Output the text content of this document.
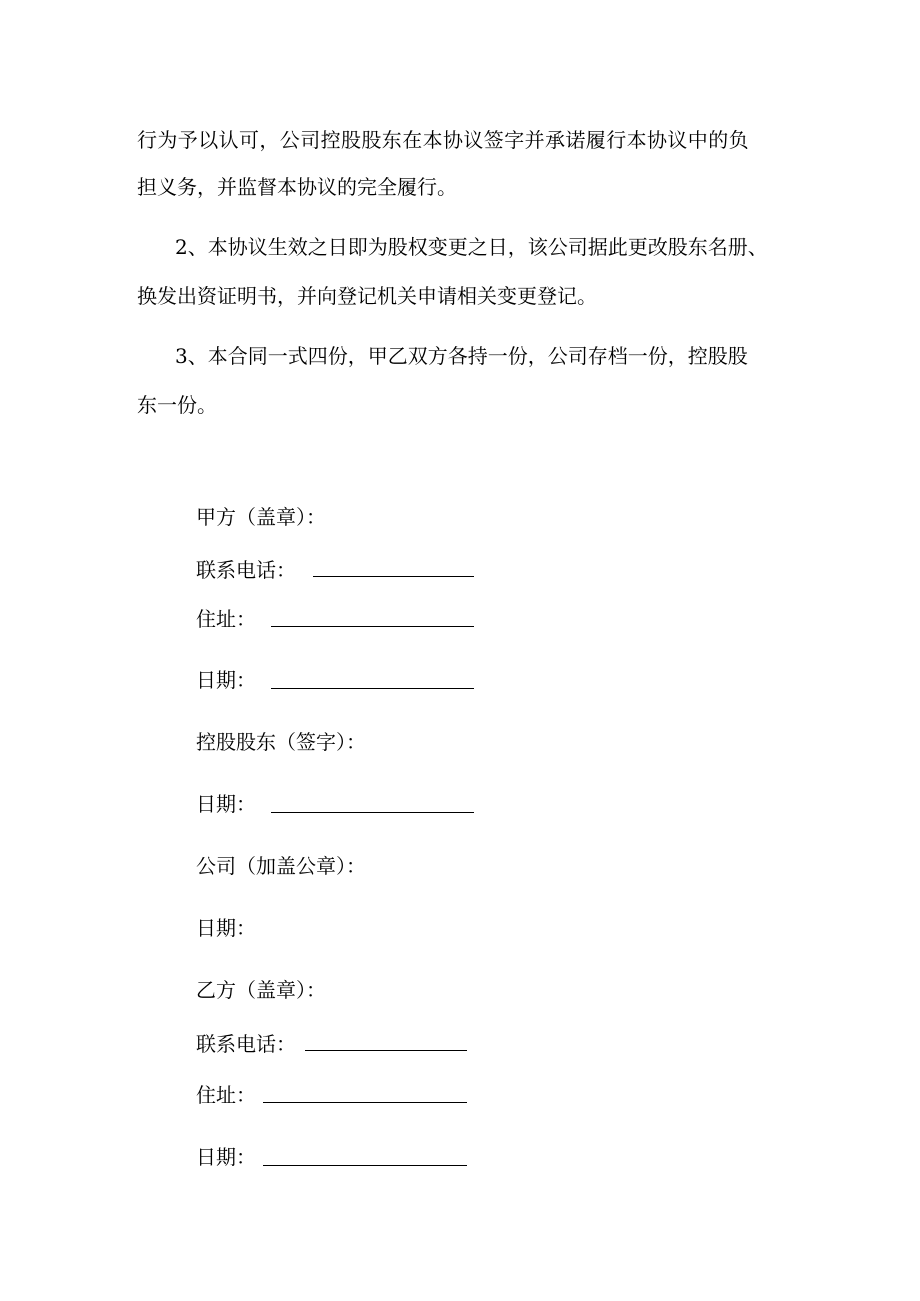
行为予以认可，公司控股股东在本协议签字并承诺履行本协议中的负
担义务，并监督本协议的完全履行。
2、本协议生效之日即为股权变更之日，该公司据此更改股东名册、
换发出资证明书，并向登记机关申请相关变更登记。
3、本合同一式四份，甲乙双方各持一份，公司存档一份，控股股
东一份。
甲方（盖章）：
联系电话：
住址：
日期：
控股股东（签字）：
日期：
公司（加盖公章）：
日期：
乙方（盖章）：
联系电话：
住址：
日期：
